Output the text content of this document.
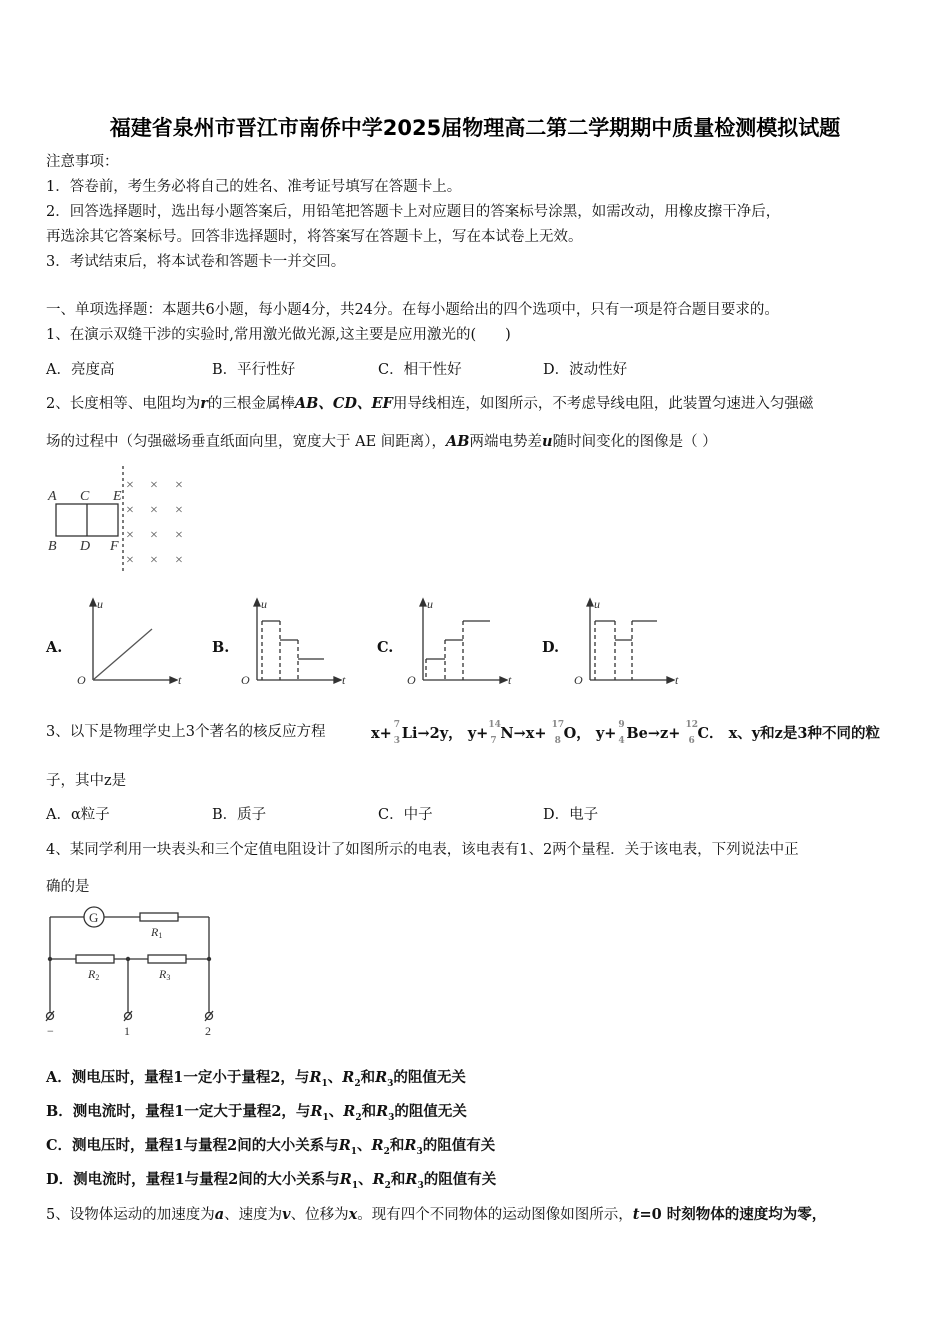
福建省泉州市晋江市南侨中学2025届物理高二第二学期期中质量检测模拟试题
注意事项：
1．答卷前，考生务必将自己的姓名、准考证号填写在答题卡上。
2．回答选择题时，选出每小题答案后，用铅笔把答题卡上对应题目的答案标号涂黑，如需改动，用橡皮擦干净后，
再选涂其它答案标号。回答非选择题时，将答案写在答题卡上，写在本试卷上无效。
3．考试结束后，将本试卷和答题卡一并交回。
一、单项选择题：本题共6小题，每小题4分，共24分。在每小题给出的四个选项中，只有一项是符合题目要求的。
1、在演示双缝干涉的实验时,常用激光做光源,这主要是应用激光的(　　)
A．亮度高	B．平行性好	C．相干性好	D．波动性好
2、长度相等、电阻均为r的三根金属棒AB、CD、EF用导线相连，如图所示，不考虑导线电阻，此装置匀速进入匀强磁
场的过程中（匀强磁场垂直纸面向里，宽度大于 AE 间距离），AB两端电势差u随时间变化的图像是（ ）
A C E
B D F
× × ×
× × ×
× × ×
× × ×
A.
u
t
O
B.
u
t
O
C.
u
t
O
D.
u
t
O
3、以下是物理学史上3个著名的核反应方程	x+ 7
3 Li→2y， y+ 14
7 N→x+ 17
8 O， y+ 9
4 Be→z+ 12
6 C． x、y和z是3种不同的粒
子，其中z是
A．α粒子	B．质子	C．中子	D．电子
4、某同学利用一块表头和三个定值电阻设计了如图所示的电表，该电表有1、2两个量程．关于该电表，下列说法中正
确的是
G
R1
R2	R3
−	1	2
A．测电压时，量程1一定小于量程2，与$R_1$、$R_2$和$R_3$的阻值无关
B．测电流时，量程1一定大于量程2，与$R_1$、$R_2$和$R_3$的阻值无关
C．测电压时，量程1与量程2间的大小关系与$R_1$、$R_2$和$R_3$的阻值有关
D．测电流时，量程1与量程2间的大小关系与$R_1$、$R_2$和$R_3$的阻值有关
5、设物体运动的加速度为a、速度为v、位移为x。现有四个不同物体的运动图像如图所示，t=0 时刻物体的速度均为零，
